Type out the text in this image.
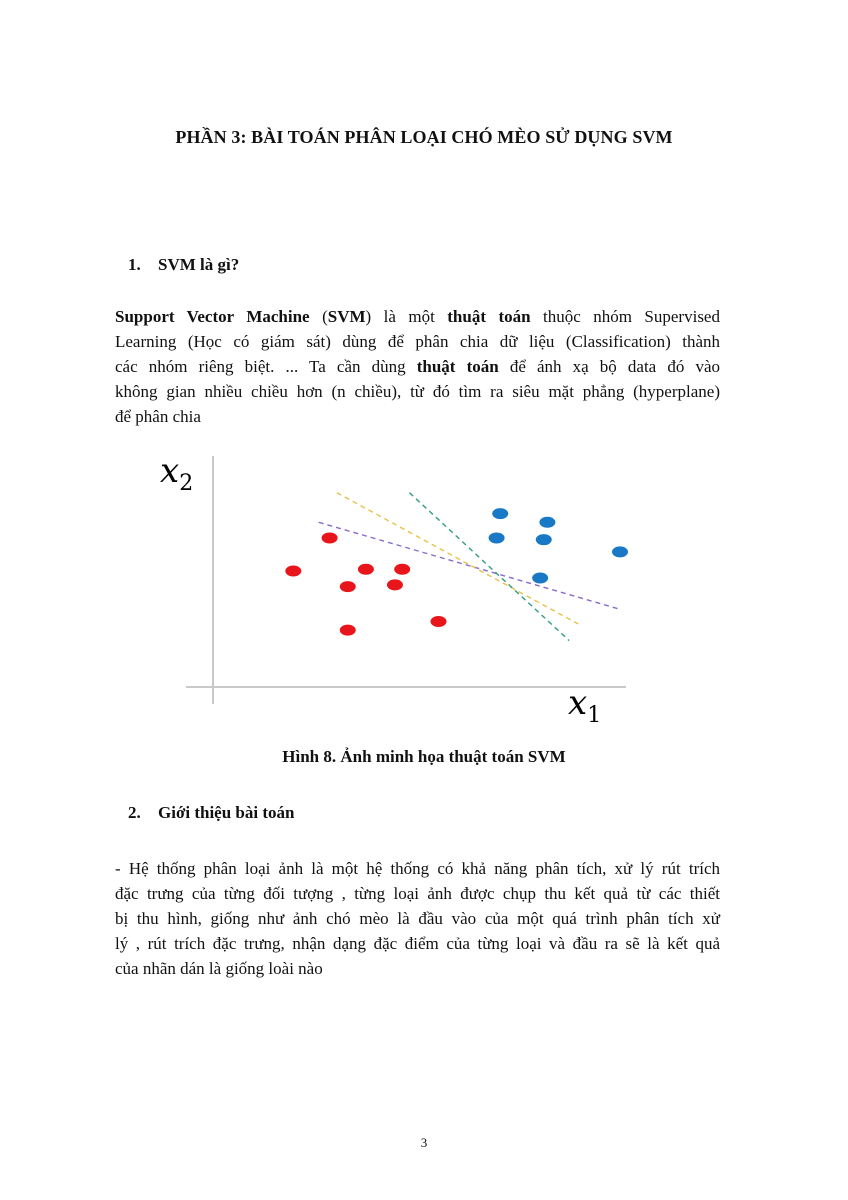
PHẦN 3: BÀI TOÁN PHÂN LOẠI CHÓ MÈO SỬ DỤNG SVM
1. SVM là gì?
Support Vector Machine (SVM) là một thuật toán thuộc nhóm Supervised
Learning (Học có giám sát) dùng để phân chia dữ liệu (Classification) thành
các nhóm riêng biệt. ... Ta cần dùng thuật toán để ánh xạ bộ data đó vào
không gian nhiều chiều hơn (n chiều), từ đó tìm ra siêu mặt phẳng (hyperplane)
để phân chia
$x_2$
$x_1$
Hình 8. Ảnh minh họa thuật toán SVM
2. Giới thiệu bài toán
- Hệ thống phân loại ảnh là một hệ thống có khả năng phân tích, xử lý rút trích
đặc trưng của từng đối tượng , từng loại ảnh được chụp thu kết quả từ các thiết
bị thu hình, giống như ảnh chó mèo là đầu vào của một quá trình phân tích xử
lý , rút trích đặc trưng, nhận dạng đặc điểm của từng loại và đầu ra sẽ là kết quả
của nhãn dán là giống loài nào
3
